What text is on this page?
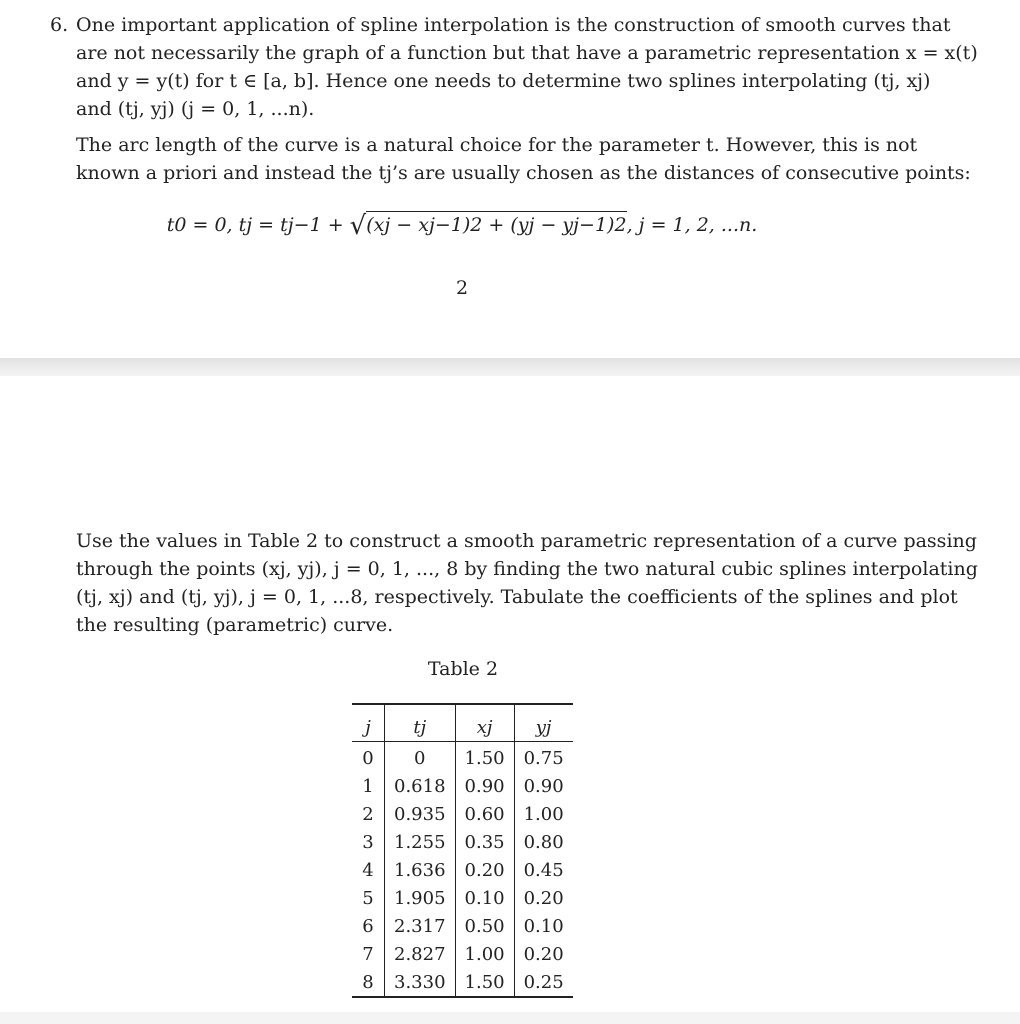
6. One important application of spline interpolation is the construction of smooth curves that
are not necessarily the graph of a function but that have a parametric representation x = x(t)
and y = y(t) for t ∈ [a, b]. Hence one needs to determine two splines interpolating (tj, xj)
and (tj, yj) (j = 0, 1, ...n).
The arc length of the curve is a natural choice for the parameter t. However, this is not
known a priori and instead the tj’s are usually chosen as the distances of consecutive points:
t0 = 0, tj = tj−1 + √(xj − xj−1)2 + (yj − yj−1)2, j = 1, 2, ...n.
2
Use the values in Table 2 to construct a smooth parametric representation of a curve passing
through the points (xj, yj), j = 0, 1, ..., 8 by finding the two natural cubic splines interpolating
(tj, xj) and (tj, yj), j = 0, 1, ...8, respectively. Tabulate the coefficients of the splines and plot
the resulting (parametric) curve.
Table 2
j	tj	xj	yj
0	0	1.50	0.75
1	0.618	0.90	0.90
2	0.935	0.60	1.00
3	1.255	0.35	0.80
4	1.636	0.20	0.45
5	1.905	0.10	0.20
6	2.317	0.50	0.10
7	2.827	1.00	0.20
8	3.330	1.50	0.25
